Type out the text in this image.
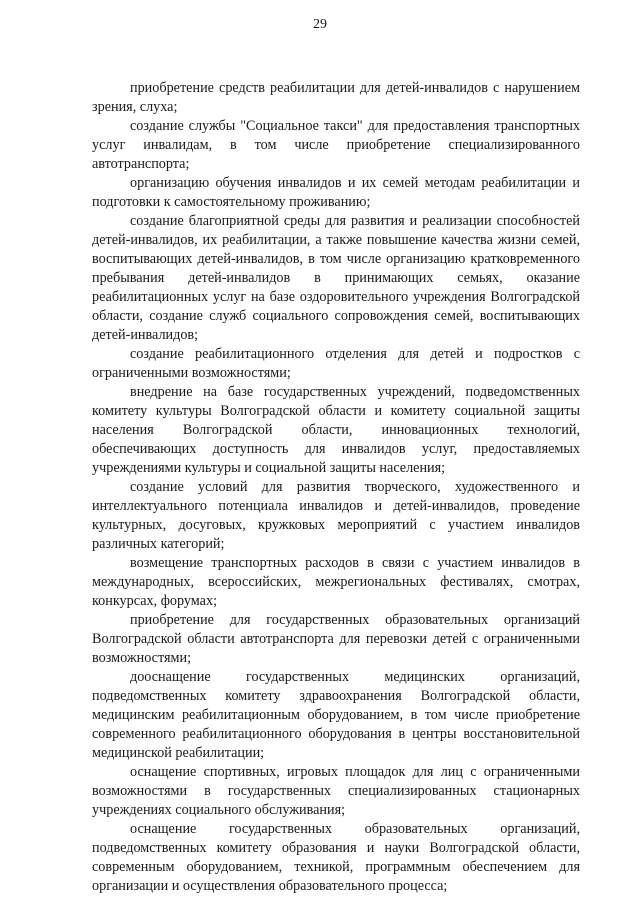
29

приобретение средств реабилитации для детей-инвалидов с нарушением зрения, слуха;

создание службы "Социальное такси" для предоставления транспортных услуг инвалидам, в том числе приобретение специализированного автотранспорта;

организацию обучения инвалидов и их семей методам реабилитации и подготовки к самостоятельному проживанию;

создание благоприятной среды для развития и реализации способностей детей-инвалидов, их реабилитации, а также повышение качества жизни семей, воспитывающих детей-инвалидов, в том числе организацию кратковременного пребывания детей-инвалидов в принимающих семьях, оказание реабилитационных услуг на базе оздоровительного учреждения Волгоградской области, создание служб социального сопровождения семей, воспитывающих детей-инвалидов;

создание реабилитационного отделения для детей и подростков с ограниченными возможностями;

внедрение на базе государственных учреждений, подведомственных комитету культуры Волгоградской области и комитету социальной защиты населения Волгоградской области, инновационных технологий, обеспечивающих доступность для инвалидов услуг, предоставляемых учреждениями культуры и социальной защиты населения;

создание условий для развития творческого, художественного и интеллектуального потенциала инвалидов и детей-инвалидов, проведение культурных, досуговых, кружковых мероприятий с участием инвалидов различных категорий;

возмещение транспортных расходов в связи с участием инвалидов в международных, всероссийских, межрегиональных фестивалях, смотрах, конкурсах, форумах;

приобретение для государственных образовательных организаций Волгоградской области автотранспорта для перевозки детей с ограниченными возможностями;

дооснащение государственных медицинских организаций, подведомственных комитету здравоохранения Волгоградской области, медицинским реабилитационным оборудованием, в том числе приобретение современного реабилитационного оборудования в центры восстановительной медицинской реабилитации;

оснащение спортивных, игровых площадок для лиц с ограниченными возможностями в государственных специализированных стационарных учреждениях социального обслуживания;

оснащение государственных образовательных организаций, подведомственных комитету образования и науки Волгоградской области, современным оборудованием, техникой, программным обеспечением для организации и осуществления образовательного процесса;
